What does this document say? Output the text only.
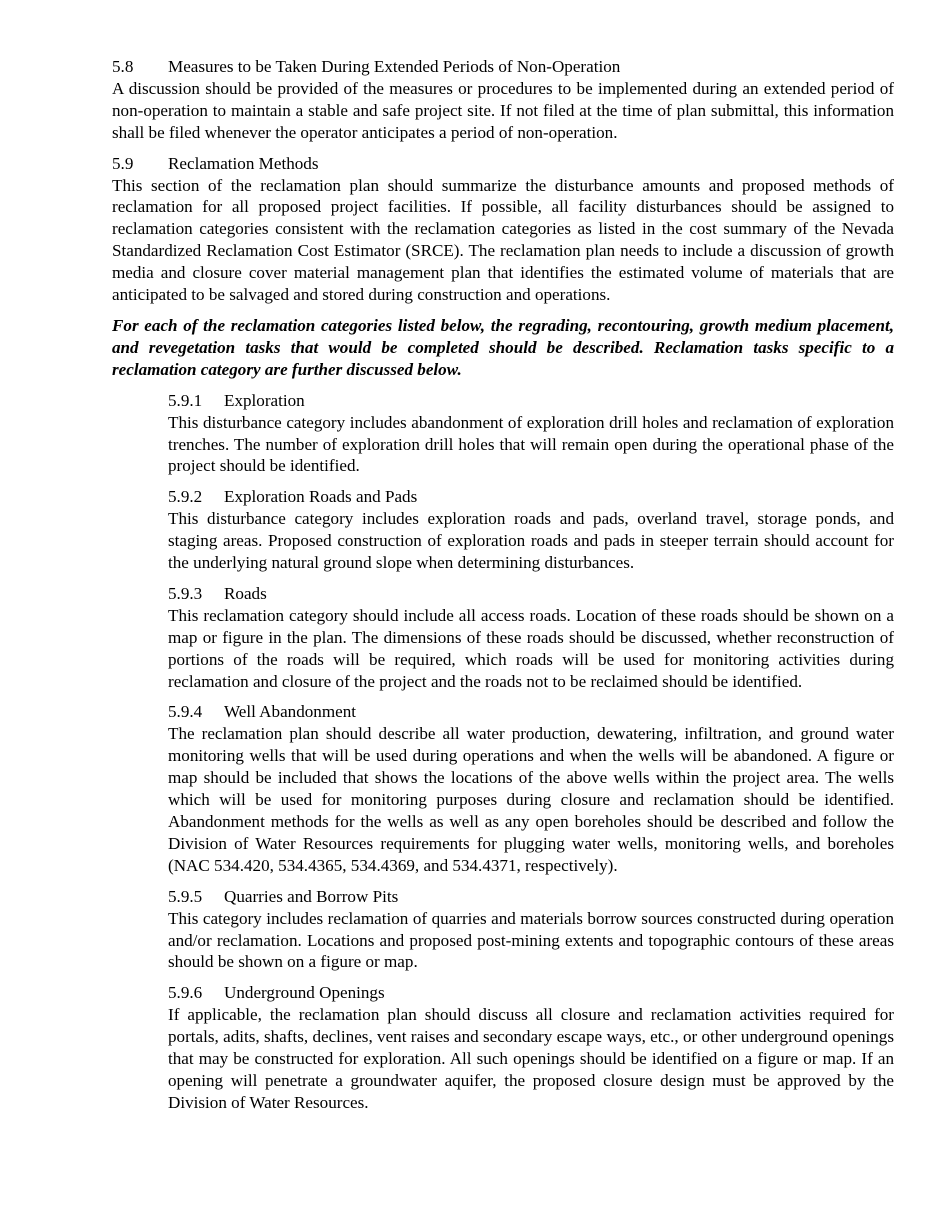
5.8 Measures to be Taken During Extended Periods of Non-Operation

A discussion should be provided of the measures or procedures to be implemented during an extended period of non-operation to maintain a stable and safe project site. If not filed at the time of plan submittal, this information shall be filed whenever the operator anticipates a period of non-operation.

5.9 Reclamation Methods

This section of the reclamation plan should summarize the disturbance amounts and proposed methods of reclamation for all proposed project facilities. If possible, all facility disturbances should be assigned to reclamation categories consistent with the reclamation categories as listed in the cost summary of the Nevada Standardized Reclamation Cost Estimator (SRCE). The reclamation plan needs to include a discussion of growth media and closure cover material management plan that identifies the estimated volume of materials that are anticipated to be salvaged and stored during construction and operations.

For each of the reclamation categories listed below, the regrading, recontouring, growth medium placement, and revegetation tasks that would be completed should be described. Reclamation tasks specific to a reclamation category are further discussed below.

5.9.1 Exploration

This disturbance category includes abandonment of exploration drill holes and reclamation of exploration trenches. The number of exploration drill holes that will remain open during the operational phase of the project should be identified.

5.9.2 Exploration Roads and Pads

This disturbance category includes exploration roads and pads, overland travel, storage ponds, and staging areas. Proposed construction of exploration roads and pads in steeper terrain should account for the underlying natural ground slope when determining disturbances.

5.9.3 Roads

This reclamation category should include all access roads. Location of these roads should be shown on a map or figure in the plan. The dimensions of these roads should be discussed, whether reconstruction of portions of the roads will be required, which roads will be used for monitoring activities during reclamation and closure of the project and the roads not to be reclaimed should be identified.

5.9.4 Well Abandonment

The reclamation plan should describe all water production, dewatering, infiltration, and ground water monitoring wells that will be used during operations and when the wells will be abandoned. A figure or map should be included that shows the locations of the above wells within the project area. The wells which will be used for monitoring purposes during closure and reclamation should be identified. Abandonment methods for the wells as well as any open boreholes should be described and follow the Division of Water Resources requirements for plugging water wells, monitoring wells, and boreholes (NAC 534.420, 534.4365, 534.4369, and 534.4371, respectively).

5.9.5 Quarries and Borrow Pits

This category includes reclamation of quarries and materials borrow sources constructed during operation and/or reclamation. Locations and proposed post-mining extents and topographic contours of these areas should be shown on a figure or map.

5.9.6 Underground Openings

If applicable, the reclamation plan should discuss all closure and reclamation activities required for portals, adits, shafts, declines, vent raises and secondary escape ways, etc., or other underground openings that may be constructed for exploration. All such openings should be identified on a figure or map. If an opening will penetrate a groundwater aquifer, the proposed closure design must be approved by the Division of Water Resources.
